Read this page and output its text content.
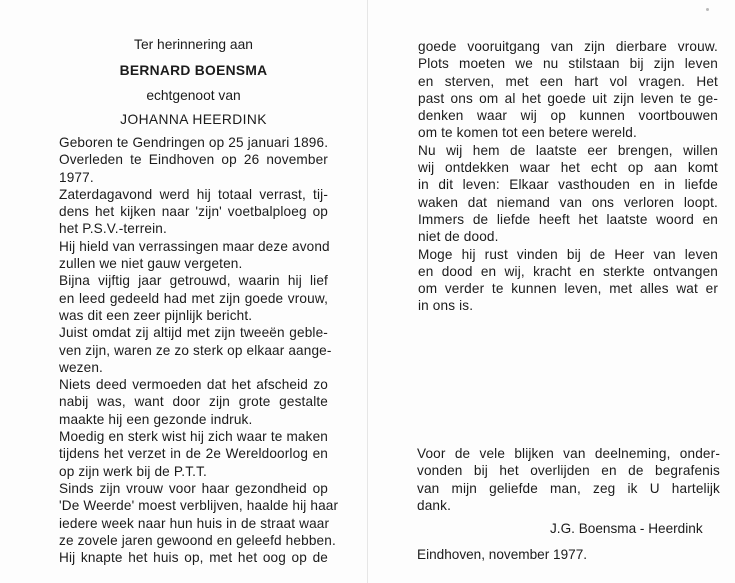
Ter herinnering aan
BERNARD BOENSMA
echtgenoot van
JOHANNA HEERDINK
Geboren te Gendringen op 25 januari 1896.
Overleden te Eindhoven op 26 november
1977.
Zaterdagavond werd hij totaal verrast, tij-
dens het kijken naar 'zijn' voetbalploeg op
het P.S.V.-terrein.
Hij hield van verrassingen maar deze avond
zullen we niet gauw vergeten.
Bijna vijftig jaar getrouwd, waarin hij lief
en leed gedeeld had met zijn goede vrouw,
was dit een zeer pijnlijk bericht.
Juist omdat zij altijd met zijn tweeën geble-
ven zijn, waren ze zo sterk op elkaar aange-
wezen.
Niets deed vermoeden dat het afscheid zo
nabij was, want door zijn grote gestalte
maakte hij een gezonde indruk.
Moedig en sterk wist hij zich waar te maken
tijdens het verzet in de 2e Wereldoorlog en
op zijn werk bij de P.T.T.
Sinds zijn vrouw voor haar gezondheid op
'De Weerde' moest verblijven, haalde hij haar
iedere week naar hun huis in de straat waar
ze zovele jaren gewoond en geleefd hebben.
Hij knapte het huis op, met het oog op de
goede vooruitgang van zijn dierbare vrouw.
Plots moeten we nu stilstaan bij zijn leven
en sterven, met een hart vol vragen. Het
past ons om al het goede uit zijn leven te ge-
denken waar wij op kunnen voortbouwen
om te komen tot een betere wereld.
Nu wij hem de laatste eer brengen, willen
wij ontdekken waar het echt op aan komt
in dit leven: Elkaar vasthouden en in liefde
waken dat niemand van ons verloren loopt.
Immers de liefde heeft het laatste woord en
niet de dood.
Moge hij rust vinden bij de Heer van leven
en dood en wij, kracht en sterkte ontvangen
om verder te kunnen leven, met alles wat er
in ons is.
Voor de vele blijken van deelneming, onder-
vonden bij het overlijden en de begrafenis
van mijn geliefde man, zeg ik U hartelijk
dank.
J.G. Boensma - Heerdink
Eindhoven, november 1977.
